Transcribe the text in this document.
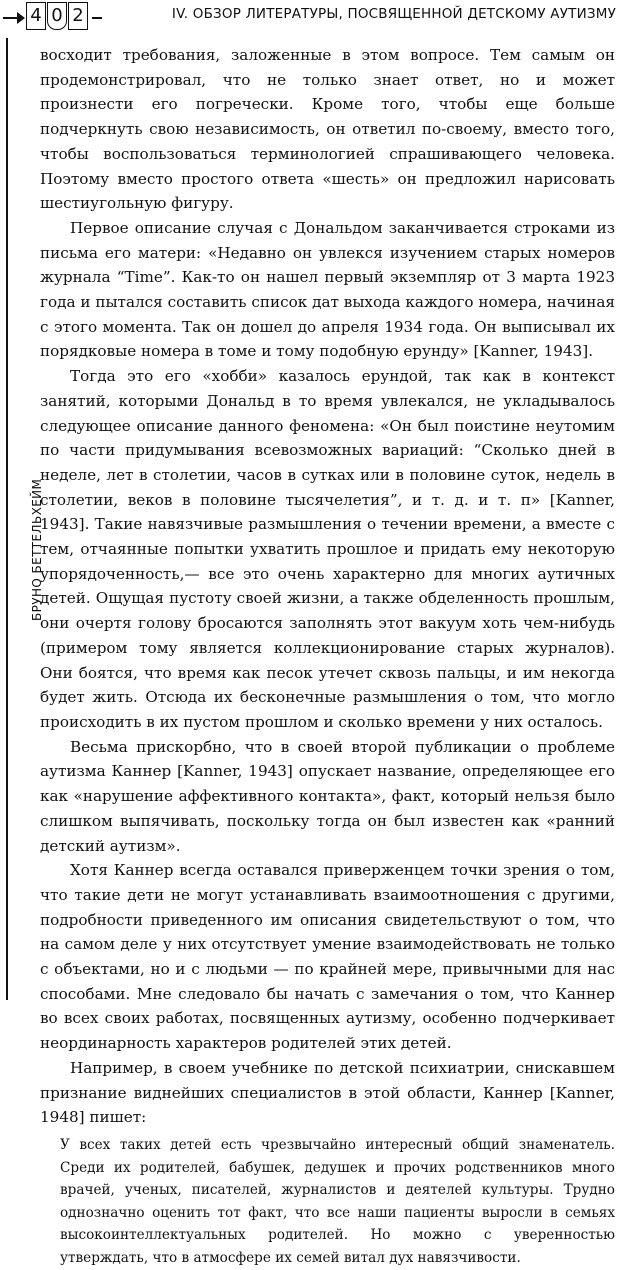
4 0 2	IV. ОБЗОР ЛИТЕРАТУРЫ, ПОСВЯЩЕННОЙ ДЕТСКОМУ АУТИЗМУ
БРУНО БЕТТЕЛЬХЕЙМ

восходит требования, заложенные в этом вопросе. Тем самым он продемонстрировал, что не только знает ответ, но и может произнести его погречески. Кроме того, чтобы еще больше подчеркнуть свою независимость, он ответил по-своему, вместо того, чтобы воспользоваться терминологией спрашивающего человека. Поэтому вместо простого ответа «шесть» он предложил нарисовать шестиугольную фигуру.

Первое описание случая с Дональдом заканчивается строками из письма его матери: «Недавно он увлекся изучением старых номеров журнала “Time”. Как-то он нашел первый экземпляр от 3 марта 1923 года и пытался составить список дат выхода каждого номера, начиная с этого момента. Так он дошел до апреля 1934 года. Он выписывал их порядковые номера в томе и тому подобную ерунду» [Kanner, 1943].

Тогда это его «хобби» казалось ерундой, так как в контекст занятий, которыми Дональд в то время увлекался, не укладывалось следующее описание данного феномена: «Он был поистине неутомим по части придумывания всевозможных вариаций: “Сколько дней в неделе, лет в столетии, часов в сутках или в половине суток, недель в столетии, веков в половине тысячелетия”, и т. д. и т. п» [Kanner, 1943]. Такие навязчивые размышления о течении времени, а вместе с тем, отчаянные попытки ухватить прошлое и придать ему некоторую упорядоченность,— все это очень характерно для многих аутичных детей. Ощущая пустоту своей жизни, а также обделенность прошлым, они очертя голову бросаются заполнять этот вакуум хоть чем-нибудь (примером тому является коллекционирование старых журналов). Они боятся, что время как песок утечет сквозь пальцы, и им некогда будет жить. Отсюда их бесконечные размышления о том, что могло происходить в их пустом прошлом и сколько времени у них осталось.

Весьма прискорбно, что в своей второй публикации о проблеме аутизма Каннер [Kanner, 1943] опускает название, определяющее его как «нарушение аффективного контакта», факт, который нельзя было слишком выпячивать, поскольку тогда он был известен как «ранний детский аутизм».

Хотя Каннер всегда оставался приверженцем точки зрения о том, что такие дети не могут устанавливать взаимоотношения с другими, подробности приведенного им описания свидетельствуют о том, что на самом деле у них отсутствует умение взаимодействовать не только с объектами, но и с людьми — по крайней мере, привычными для нас способами. Мне следовало бы начать с замечания о том, что Каннер во всех своих работах, посвященных аутизму, особенно подчеркивает неординарность характеров родителей этих детей.

Например, в своем учебнике по детской психиатрии, снискавшем признание виднейших специалистов в этой области, Каннер [Kanner, 1948] пишет:

У всех таких детей есть чрезвычайно интересный общий знаменатель. Среди их родителей, бабушек, дедушек и прочих родственников много врачей, ученых, писателей, журналистов и деятелей культуры. Трудно однозначно оценить тот факт, что все наши пациенты выросли в семьях высокоинтеллектуальных родителей. Но можно с уверенностью утверждать, что в атмосфере их семей витал дух навязчивости.
